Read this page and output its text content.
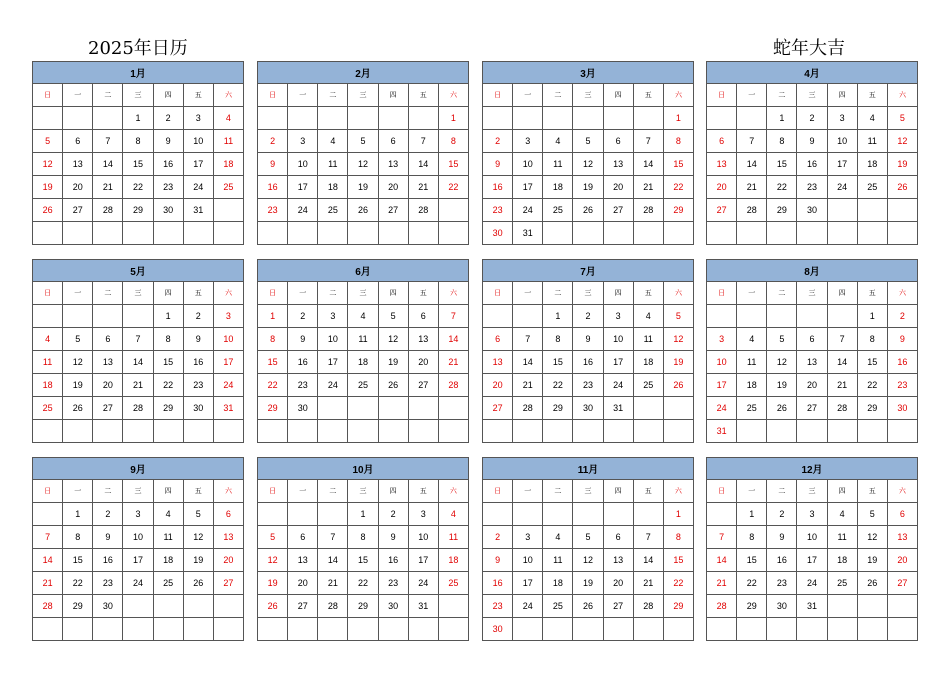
2025年日历	蛇年大吉
1月						
日	一	二	三	四	五	六
			1	2	3	4
5	6	7	8	9	10	11
12	13	14	15	16	17	18
19	20	21	22	23	24	25
26	27	28	29	30	31	

2月						
日	一	二	三	四	五	六
						1
2	3	4	5	6	7	8
9	10	11	12	13	14	15
16	17	18	19	20	21	22
23	24	25	26	27	28	

3月						
日	一	二	三	四	五	六
						1
2	3	4	5	6	7	8
9	10	11	12	13	14	15
16	17	18	19	20	21	22
23	24	25	26	27	28	29
30	31					
4月						
日	一	二	三	四	五	六
		1	2	3	4	5
6	7	8	9	10	11	12
13	14	15	16	17	18	19
20	21	22	23	24	25	26
27	28	29	30			

5月						
日	一	二	三	四	五	六
				1	2	3
4	5	6	7	8	9	10
11	12	13	14	15	16	17
18	19	20	21	22	23	24
25	26	27	28	29	30	31

6月						
日	一	二	三	四	五	六
1	2	3	4	5	6	7
8	9	10	11	12	13	14
15	16	17	18	19	20	21
22	23	24	25	26	27	28
29	30					

7月						
日	一	二	三	四	五	六
		1	2	3	4	5
6	7	8	9	10	11	12
13	14	15	16	17	18	19
20	21	22	23	24	25	26
27	28	29	30	31		

8月						
日	一	二	三	四	五	六
					1	2
3	4	5	6	7	8	9
10	11	12	13	14	15	16
17	18	19	20	21	22	23
24	25	26	27	28	29	30
31						
9月						
日	一	二	三	四	五	六
	1	2	3	4	5	6
7	8	9	10	11	12	13
14	15	16	17	18	19	20
21	22	23	24	25	26	27
28	29	30				

10月						
日	一	二	三	四	五	六
			1	2	3	4
5	6	7	8	9	10	11
12	13	14	15	16	17	18
19	20	21	22	23	24	25
26	27	28	29	30	31	

11月						
日	一	二	三	四	五	六
						1
2	3	4	5	6	7	8
9	10	11	12	13	14	15
16	17	18	19	20	21	22
23	24	25	26	27	28	29
30						
12月						
日	一	二	三	四	五	六
	1	2	3	4	5	6
7	8	9	10	11	12	13
14	15	16	17	18	19	20
21	22	23	24	25	26	27
28	29	30	31			
